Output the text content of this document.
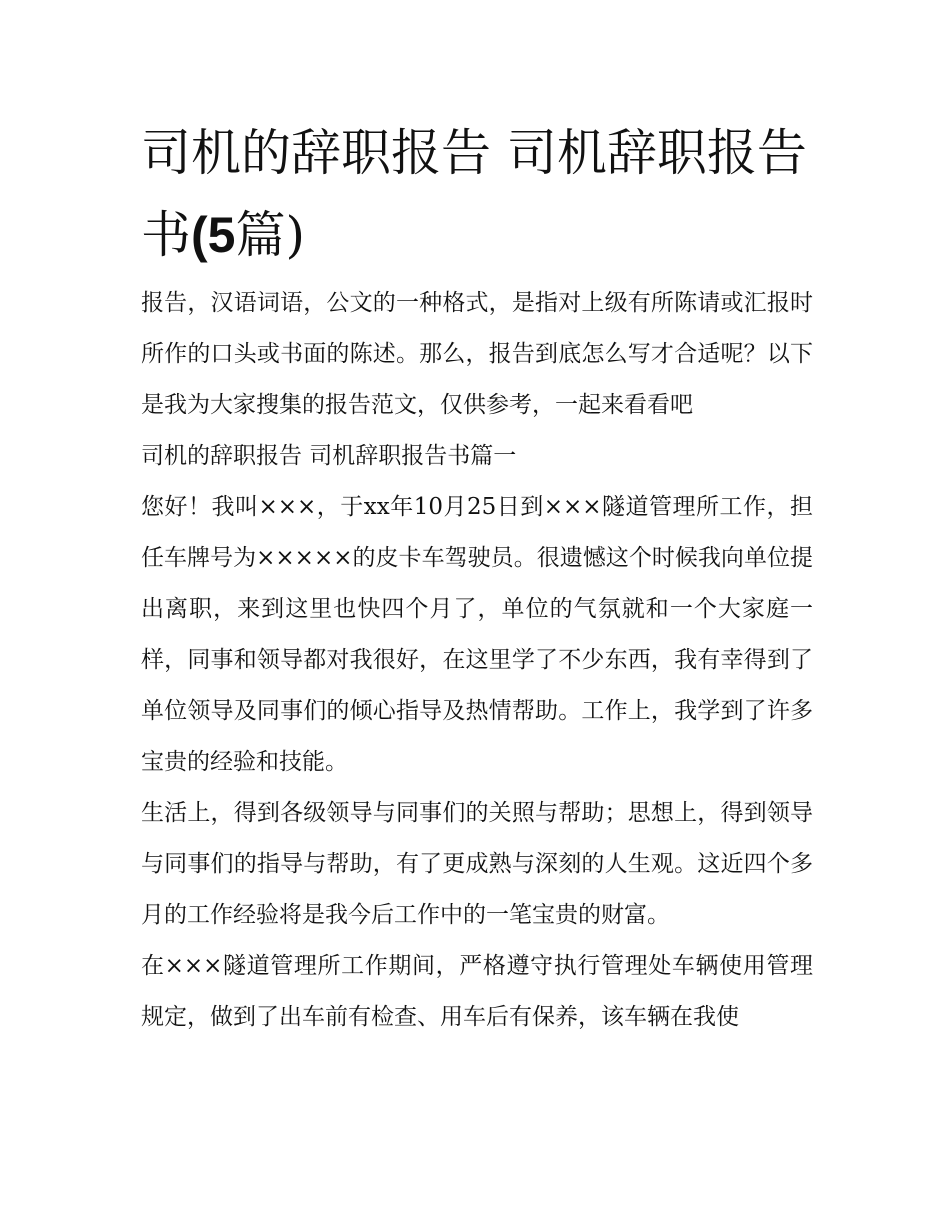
司机的辞职报告 司机辞职报告书(5篇)

报告，汉语词语，公文的一种格式，是指对上级有所陈请或汇报时所作的口头或书面的陈述。那么，报告到底怎么写才合适呢？以下是我为大家搜集的报告范文，仅供参考，一起来看看吧

司机的辞职报告 司机辞职报告书篇一

您好！我叫×××，于xx年10月25日到×××隧道管理所工作，担任车牌号为×××××的皮卡车驾驶员。很遗憾这个时候我向单位提出离职，来到这里也快四个月了，单位的气氛就和一个大家庭一样，同事和领导都对我很好，在这里学了不少东西，我有幸得到了单位领导及同事们的倾心指导及热情帮助。工作上，我学到了许多宝贵的经验和技能。

生活上，得到各级领导与同事们的关照与帮助；思想上，得到领导与同事们的指导与帮助，有了更成熟与深刻的人生观。这近四个多月的工作经验将是我今后工作中的一笔宝贵的财富。

在×××隧道管理所工作期间，严格遵守执行管理处车辆使用管理规定，做到了出车前有检查、用车后有保养，该车辆在我使
